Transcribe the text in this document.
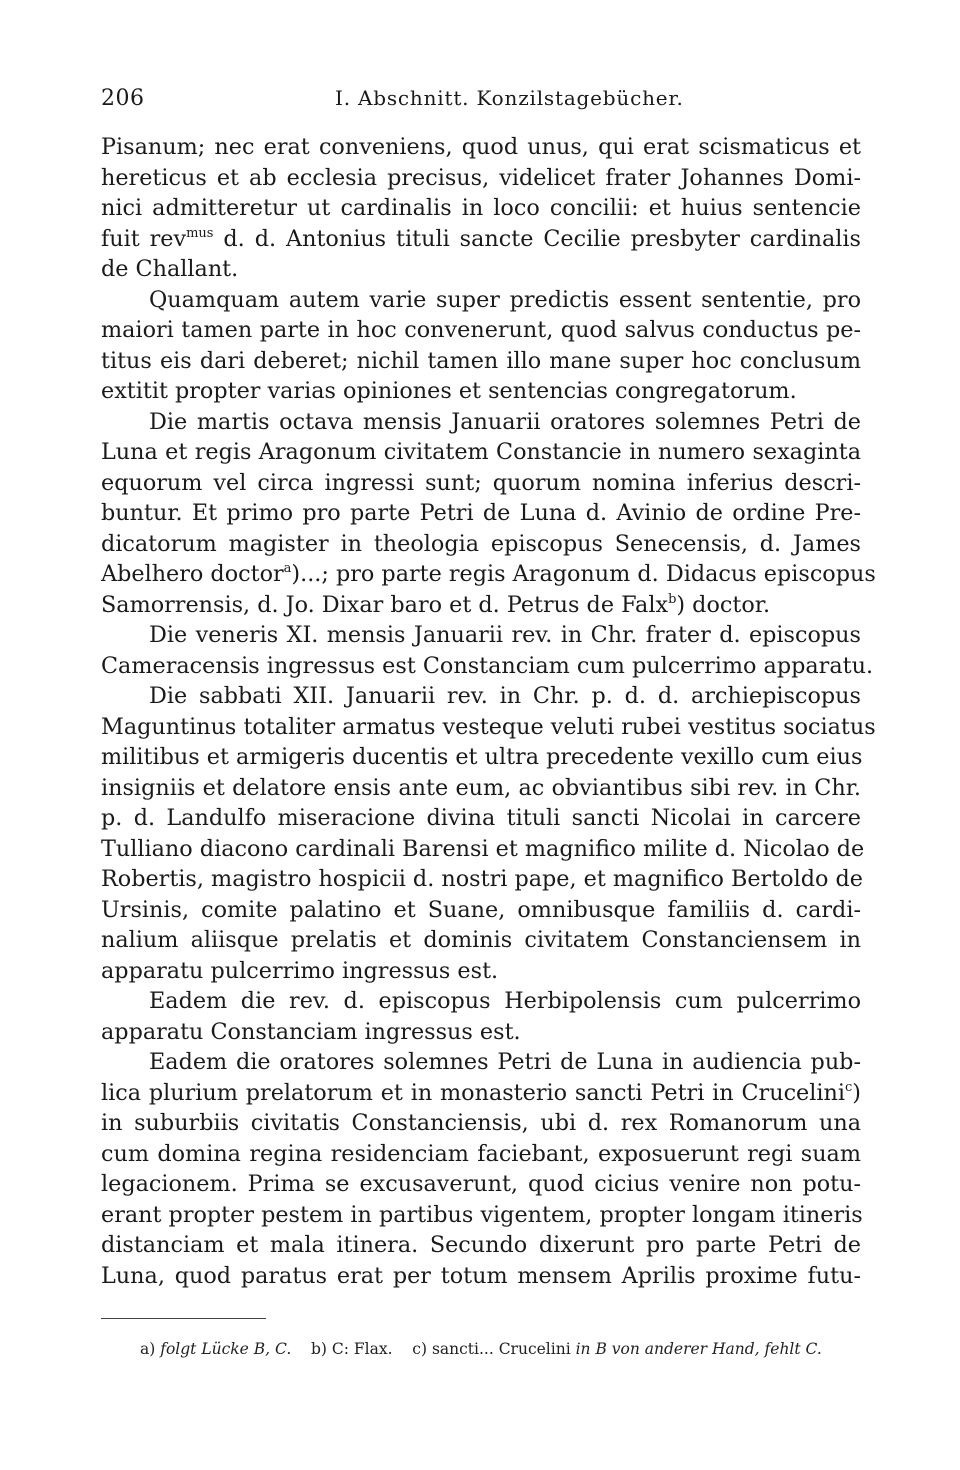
206	I. Abschnitt. Konzilstagebücher.
Pisanum; nec erat conveniens, quod unus, qui erat scismaticus et
hereticus et ab ecclesia precisus, videlicet frater Johannes Domi-
nici admitteretur ut cardinalis in loco concilii: et huius sentencie
fuit rev$^{mus}$ d. d. Antonius tituli sancte Cecilie presbyter cardinalis
de Challant.
Quamquam autem varie super predictis essent sententie, pro
maiori tamen parte in hoc convenerunt, quod salvus conductus pe-
titus eis dari deberet; nichil tamen illo mane super hoc conclusum
extitit propter varias opiniones et sentencias congregatorum.
Die martis octava mensis Januarii oratores solemnes Petri de
Luna et regis Aragonum civitatem Constancie in numero sexaginta
equorum vel circa ingressi sunt; quorum nomina inferius descri-
buntur. Et primo pro parte Petri de Luna d. Avinio de ordine Pre-
dicatorum magister in theologia episcopus Senecensis, d. James
Abelhero doctor$^a$)...; pro parte regis Aragonum d. Didacus episcopus
Samorrensis, d. Jo. Dixar baro et d. Petrus de Falx$^b$) doctor.
Die veneris XI. mensis Januarii rev. in Chr. frater d. episcopus
Cameracensis ingressus est Constanciam cum pulcerrimo apparatu.
Die sabbati XII. Januarii rev. in Chr. p. d. d. archiepiscopus
Maguntinus totaliter armatus vesteque veluti rubei vestitus sociatus
militibus et armigeris ducentis et ultra precedente vexillo cum eius
insigniis et delatore ensis ante eum, ac obviantibus sibi rev. in Chr.
p. d. Landulfo miseracione divina tituli sancti Nicolai in carcere
Tulliano diacono cardinali Barensi et magnifico milite d. Nicolao de
Robertis, magistro hospicii d. nostri pape, et magnifico Bertoldo de
Ursinis, comite palatino et Suane, omnibusque familiis d. cardi-
nalium aliisque prelatis et dominis civitatem Constanciensem in
apparatu pulcerrimo ingressus est.
Eadem die rev. d. episcopus Herbipolensis cum pulcerrimo
apparatu Constanciam ingressus est.
Eadem die oratores solemnes Petri de Luna in audiencia pub-
lica plurium prelatorum et in monasterio sancti Petri in Crucelini$^c$)
in suburbiis civitatis Constanciensis, ubi d. rex Romanorum una
cum domina regina residenciam faciebant, exposuerunt regi suam
legacionem. Prima se excusaverunt, quod cicius venire non potu-
erant propter pestem in partibus vigentem, propter longam itineris
distanciam et mala itinera. Secundo dixerunt pro parte Petri de
Luna, quod paratus erat per totum mensem Aprilis proxime futu-
a) folgt Lücke B, C. b) C: Flax. c) sancti... Crucelini in B von anderer Hand, fehlt C.
